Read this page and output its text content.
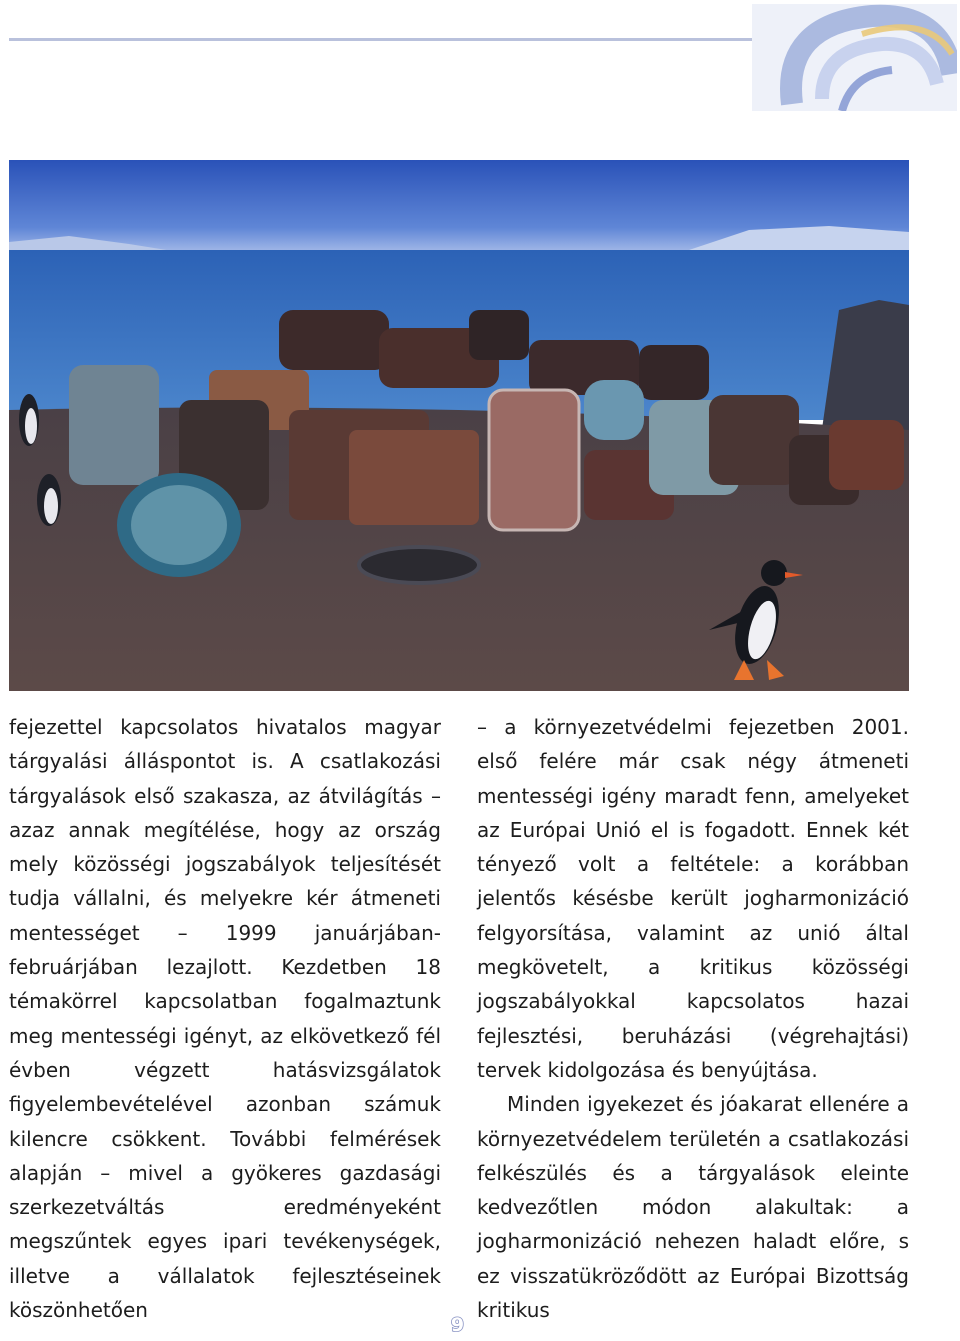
fejezettel kapcsolatos hivatalos magyar tárgyalási álláspontot is. A csatlakozási tárgyalások első szakasza, az átvilágítás – azaz annak megítélése, hogy az ország mely közösségi jogszabályok teljesítését tudja vállalni, és melyekre kér átmeneti mentességet – 1999 januárjában-februárjában lezajlott. Kezdetben 18 témakörrel kapcsolatban fogalmaztunk meg mentességi igényt, az elkövetkező fél évben végzett hatásvizsgálatok figyelembevételével azonban számuk kilencre csökkent. További felmérések alapján – mivel a gyökeres gazdasági szerkezetváltás eredményeként megszűntek egyes ipari tevékenységek, illetve a vállalatok fejlesztéseinek köszönhetően

– a környezetvédelmi fejezetben 2001. első felére már csak négy átmeneti mentességi igény maradt fenn, amelyeket az Európai Unió el is fogadott. Ennek két tényező volt a feltétele: a korábban jelentős késésbe került jogharmonizáció felgyorsítása, valamint az unió által megkövetelt, a kritikus közösségi jogszabályokkal kapcsolatos hazai fejlesztési, beruházási (végrehajtási) tervek kidolgozása és benyújtása.

Minden igyekezet és jóakarat ellenére a környezetvédelem területén a csatlakozási felkészülés és a tárgyalások eleinte kedvezőtlen módon alakultak: a jogharmonizáció nehezen haladt előre, s ez visszatükröződött az Európai Bizottság kritikus

9
